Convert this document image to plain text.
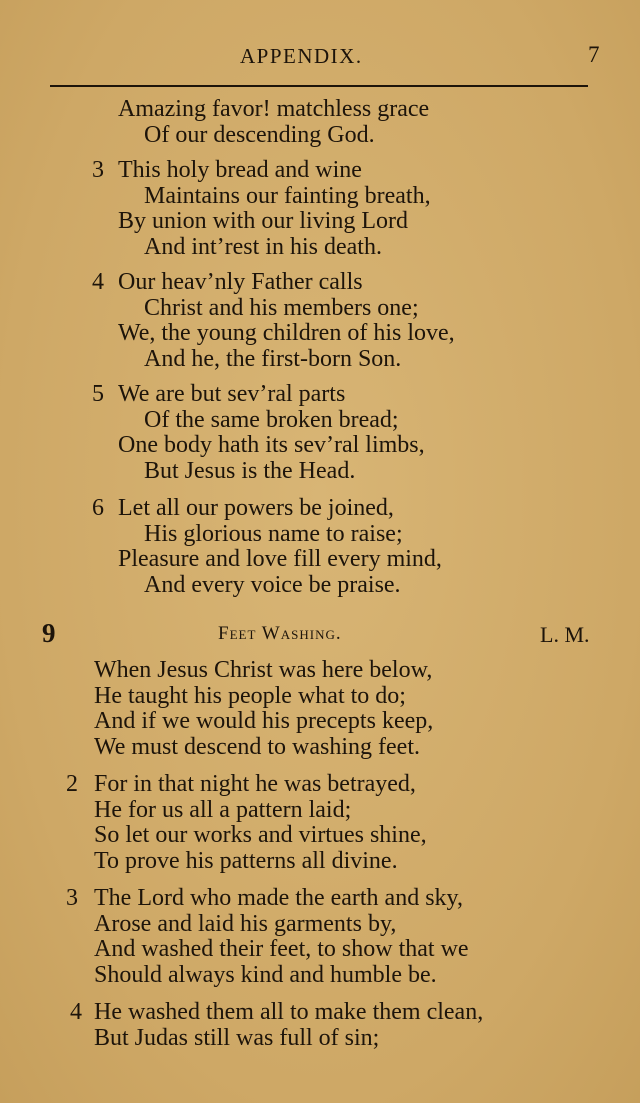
APPENDIX.	7
Amazing favor! matchless grace
Of our descending God.
3 This holy bread and wine
Maintains our fainting breath,
By union with our living Lord
And int’rest in his death.
4 Our heav’nly Father calls
Christ and his members one;
We, the young children of his love,
And he, the first-born Son.
5 We are but sev’ral parts
Of the same broken bread;
One body hath its sev’ral limbs,
But Jesus is the Head.
6 Let all our powers be joined,
His glorious name to raise;
Pleasure and love fill every mind,
And every voice be praise.
9	Feet Washing.	L. M.
When Jesus Christ was here below,
He taught his people what to do;
And if we would his precepts keep,
We must descend to washing feet.
2 For in that night he was betrayed,
He for us all a pattern laid;
So let our works and virtues shine,
To prove his patterns all divine.
3 The Lord who made the earth and sky,
Arose and laid his garments by,
And washed their feet, to show that we
Should always kind and humble be.
4 He washed them all to make them clean,
But Judas still was full of sin;
